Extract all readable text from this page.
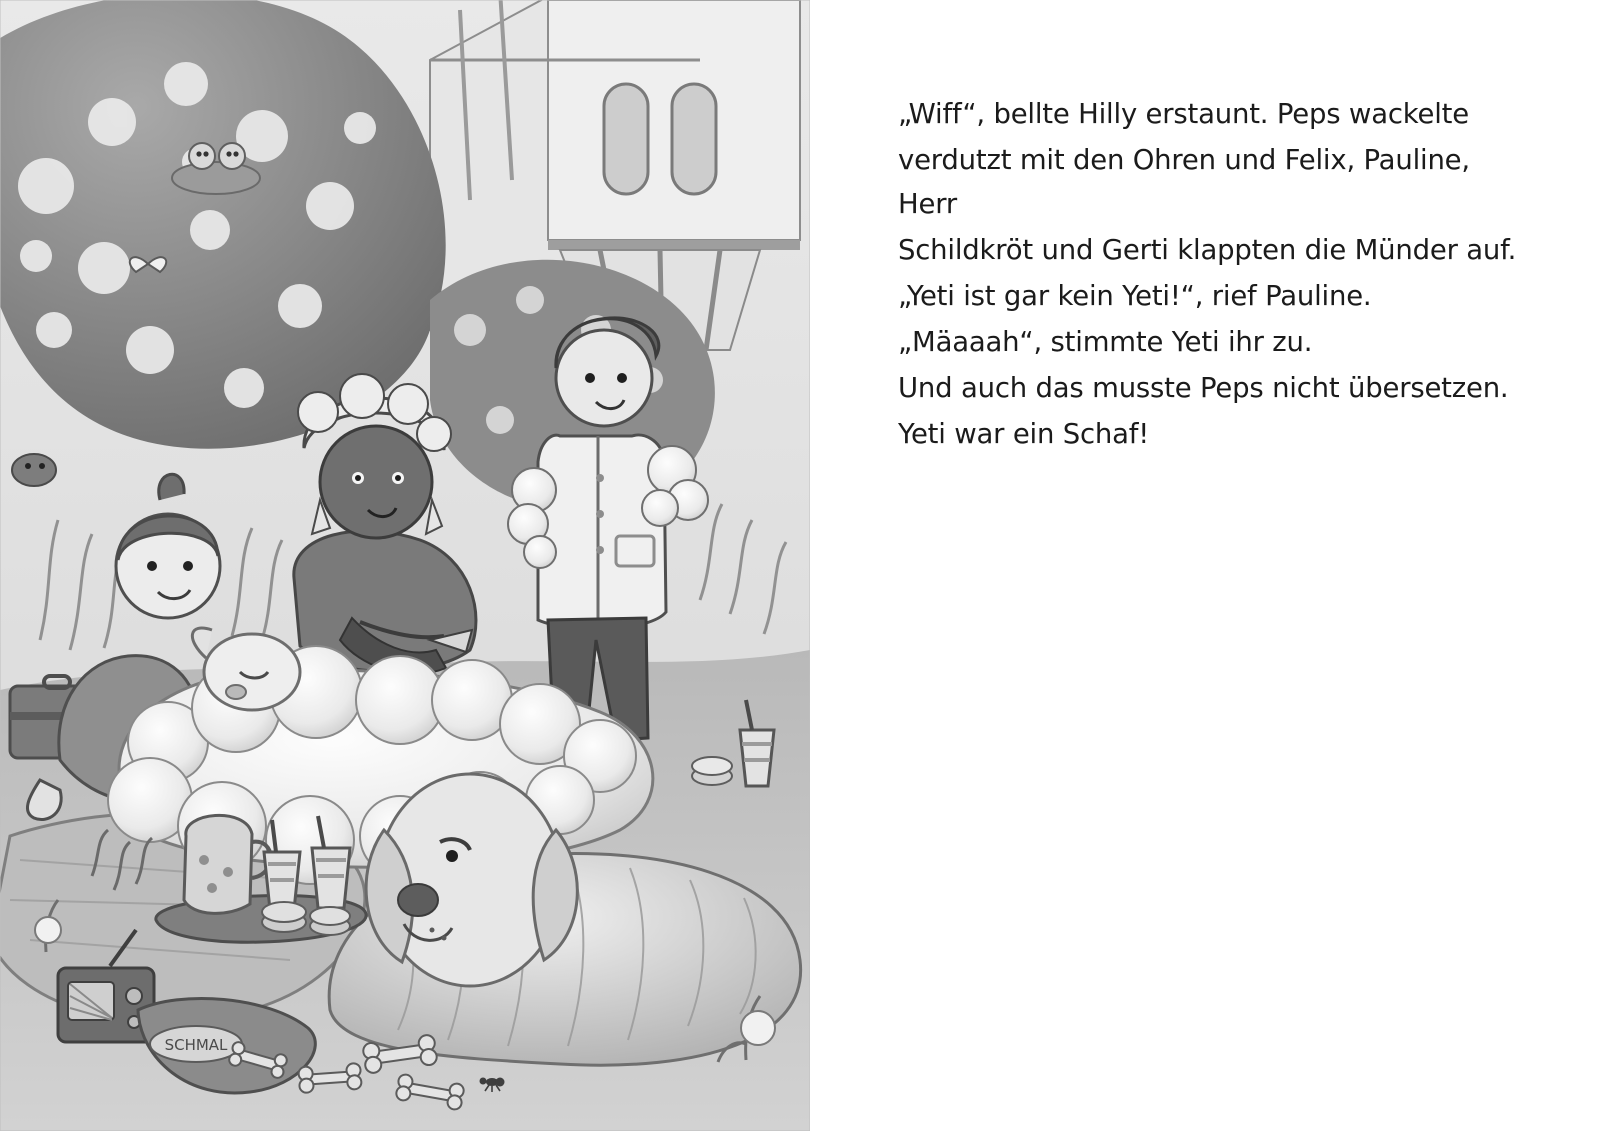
SCHMAL

„Wiff“, bellte Hilly erstaunt. Peps wackelte

verdutzt mit den Ohren und Felix, Pauline, Herr

Schildkröt und Gerti klappten die Münder auf.

„Yeti ist gar kein Yeti!“, rief Pauline.

„Mäaaah“, stimmte Yeti ihr zu.

Und auch das musste Peps nicht übersetzen.

Yeti war ein Schaf!
